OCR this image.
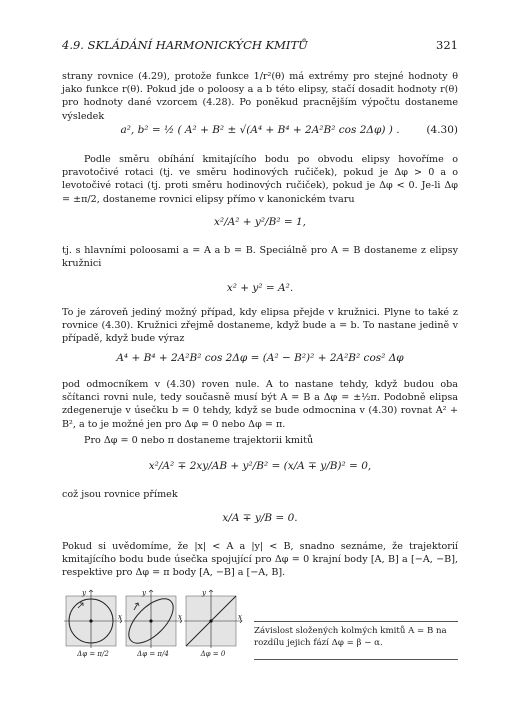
4.9. SKLÁDÁNÍ HARMONICKÝCH KMITŮ	321
strany rovnice (4.29), protože funkce 1/r²(θ) má extrémy pro stejné hodnoty θ jako funkce r(θ). Pokud jde o poloosy a a b této elipsy, stačí dosadit hodnoty r(θ) pro hodnoty dané vzorcem (4.28). Po poněkud pracnějším výpočtu dostaneme výsledek
a², b² = ½ ( A² + B² ± √(A⁴ + B⁴ + 2A²B² cos 2Δφ) ) .	(4.30)
Podle směru obíhání kmitajícího bodu po obvodu elipsy hovoříme o pravotočivé rotaci (tj. ve směru hodinových ručiček), pokud je Δφ > 0 a o levotočivé rotaci (tj. proti směru hodinových ručiček), pokud je Δφ < 0. Je-li Δφ = ±π/2, dostaneme rovnici elipsy přímo v kanonickém tvaru
x²/A² + y²/B² = 1,
tj. s hlavními poloosami a = A a b = B. Speciálně pro A = B dostaneme z elipsy kružnici
x² + y² = A².
To je zároveň jediný možný případ, kdy elipsa přejde v kružnici. Plyne to také z rovnice (4.30). Kružnici zřejmě dostaneme, když bude a = b. To nastane jedině v případě, když bude výraz
A⁴ + B⁴ + 2A²B² cos 2Δφ = (A² − B²)² + 2A²B² cos² Δφ
pod odmocníkem v (4.30) roven nule. A to nastane tehdy, když budou oba sčítanci rovni nule, tedy současně musí být A = B a Δφ = ±½π. Podobně elipsa zdegeneruje v úsečku b = 0 tehdy, když se bude odmocnina v (4.30) rovnat A² + B², a to je možné jen pro Δφ = 0 nebo Δφ = π.
Pro Δφ = 0 nebo π dostaneme trajektorii kmitů
x²/A² ∓ 2xy/AB + y²/B² = (x/A ∓ y/B)² = 0,
což jsou rovnice přímek
x/A ∓ y/B = 0.
Pokud si uvědomíme, že |x| < A a |y| < B, snadno seznáme, že trajektorií kmitajícího bodu bude úsečka spojující pro Δφ = 0 krajní body [A, B] a [−A, −B], respektive pro Δφ = π body [A, −B] a [−A, B].
x
y
Δφ = π/2
x
y
Δφ = π/4
x
y
Δφ = 0
Závislost složených kolmých kmitů A = B na rozdílu jejich fází Δφ = β − α.
